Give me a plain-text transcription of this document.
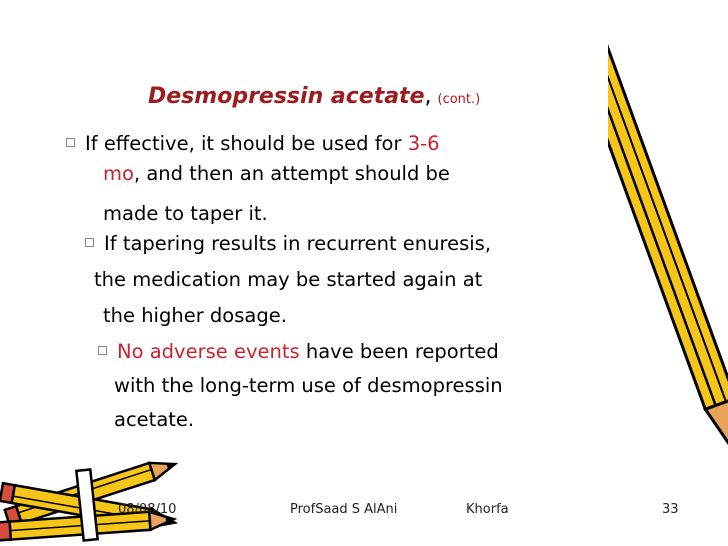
Desmopressin acetate, (cont.)
If effective, it should be used for 3-6
mo, and then an attempt should be
made to taper it.
If tapering results in recurrent enuresis,
the medication may be started again at
the higher dosage.
No adverse events have been reported
with the long-term use of desmopressin
acetate.
08/08/10	ProfSaad S AlAni	Khorfa	33
